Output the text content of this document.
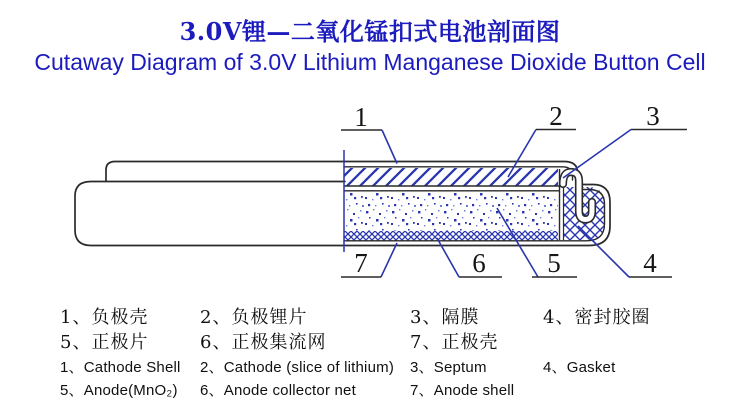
3.0V锂—二氧化锰扣式电池剖面图
Cutaway Diagram of 3.0V Lithium Manganese Dioxide Button Cell
1	2	3
4
5
6
7
1、负极壳	2、负极锂片	3、隔膜	4、密封胶圈
5、正极片	6、正极集流网	7、正极壳
1、Cathode Shell 2、Cathode (slice of lithium) 3、Septum	4、Gasket
5、Anode(MnO₂) 6、Anode collector net	7、Anode shell
